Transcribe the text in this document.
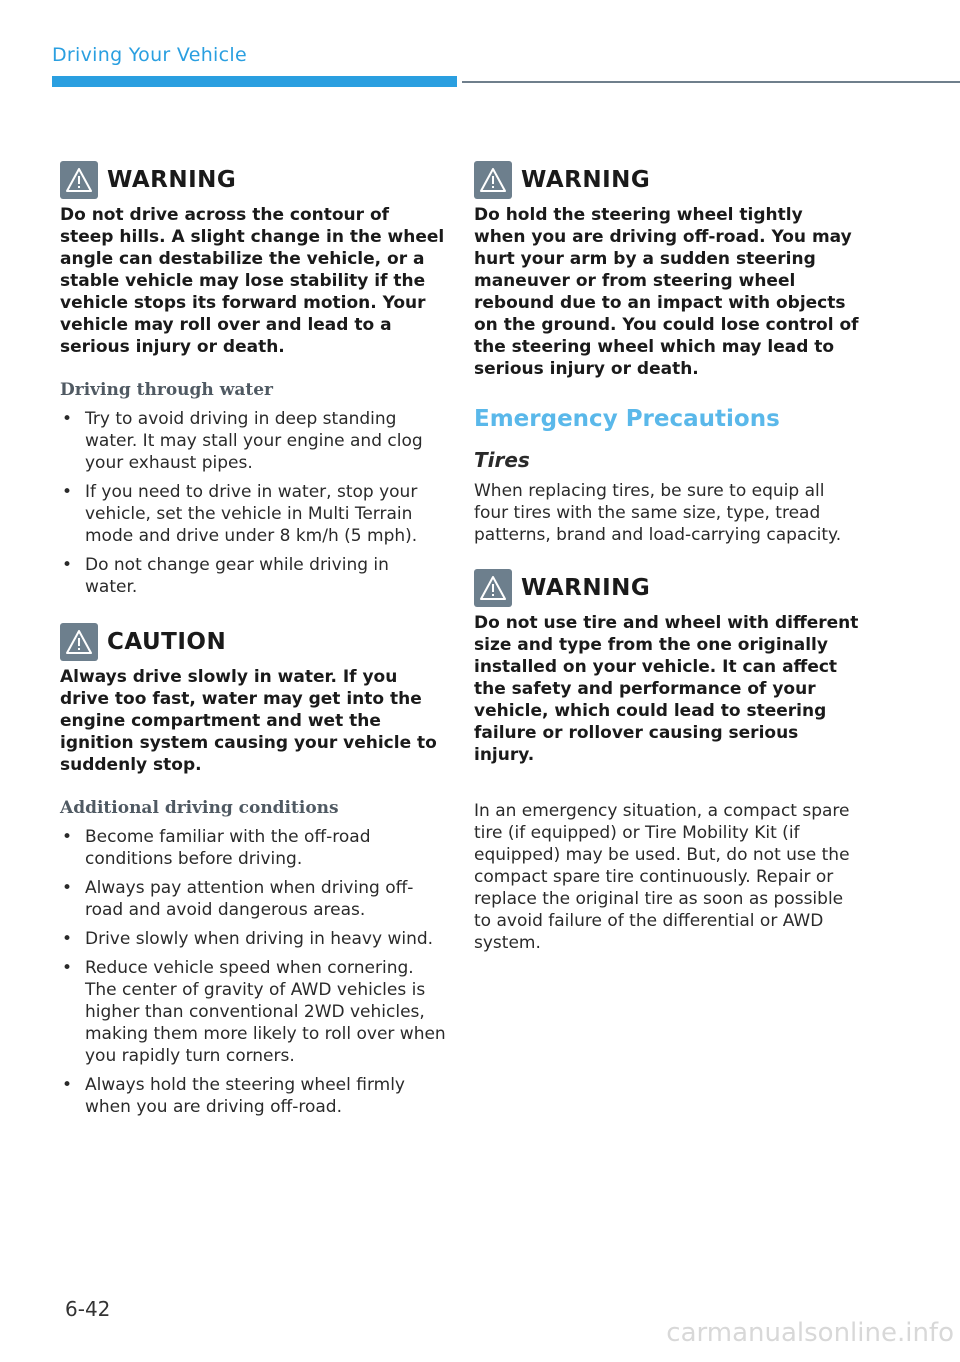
Driving Your Vehicle
WARNING

Do not drive across the contour of steep hills. A slight change in the wheel angle can destabilize the vehicle, or a stable vehicle may lose stability if the vehicle stops its forward motion. Your vehicle may roll over and lead to a serious injury or death.

Driving through water
• Try to avoid driving in deep standing water. It may stall your engine and clog your exhaust pipes.
• If you need to drive in water, stop your vehicle, set the vehicle in Multi Terrain mode and drive under 8 km/h (5 mph).
• Do not change gear while driving in water.
CAUTION

Always drive slowly in water. If you drive too fast, water may get into the engine compartment and wet the ignition system causing your vehicle to suddenly stop.

Additional driving conditions
• Become familiar with the off-road conditions before driving.
• Always pay attention when driving off-road and avoid dangerous areas.
• Drive slowly when driving in heavy wind.
• Reduce vehicle speed when cornering. The center of gravity of AWD vehicles is higher than conventional 2WD vehicles, making them more likely to roll over when you rapidly turn corners.
• Always hold the steering wheel firmly when you are driving off-road.
WARNING

Do hold the steering wheel tightly when you are driving off-road. You may hurt your arm by a sudden steering maneuver or from steering wheel rebound due to an impact with objects on the ground. You could lose control of the steering wheel which may lead to serious injury or death.

Emergency Precautions
Tires

When replacing tires, be sure to equip all four tires with the same size, type, tread patterns, brand and load-carrying capacity.

WARNING

Do not use tire and wheel with different size and type from the one originally installed on your vehicle. It can affect the safety and performance of your vehicle, which could lead to steering failure or rollover causing serious injury.

In an emergency situation, a compact spare tire (if equipped) or Tire Mobility Kit (if equipped) may be used. But, do not use the compact spare tire continuously. Repair or replace the original tire as soon as possible to avoid failure of the differential or AWD system.

6-42
carmanualsonline.info
